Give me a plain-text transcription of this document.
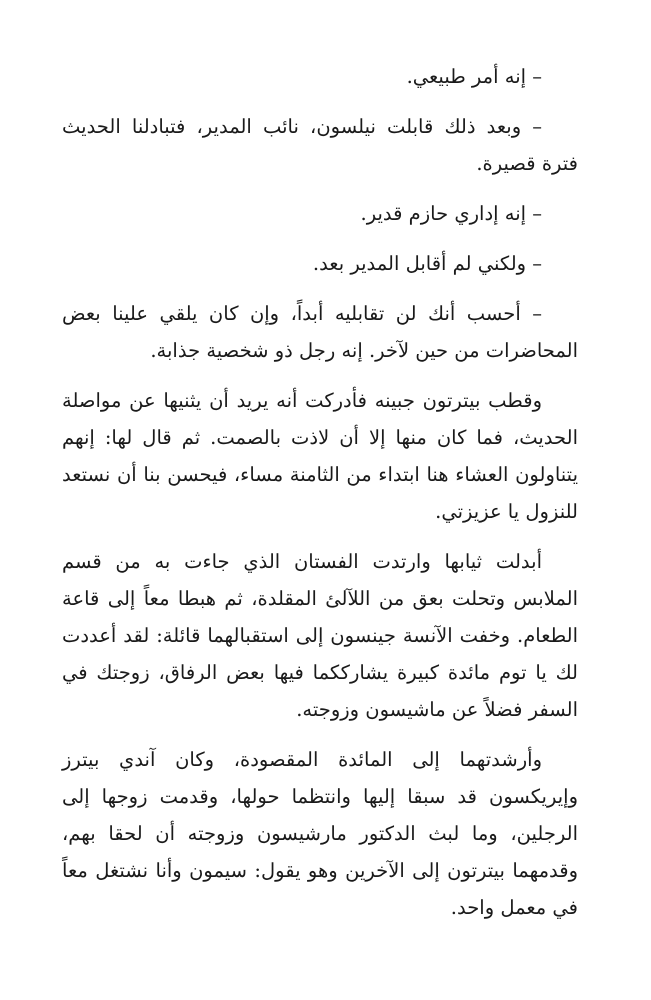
– إنه أمر طبيعي.

– وبعد ذلك قابلت نيلسون، نائب المدير، فتبادلنا الحديث فترة قصيرة.

– إنه إداري حازم قدير.

– ولكني لم أقابل المدير بعد.

– أحسب أنك لن تقابليه أبداً، وإن كان يلقي علينا بعض المحاضرات من حين لآخر. إنه رجل ذو شخصية جذابة.

وقطب بيترتون جبينه فأدركت أنه يريد أن يثنيها عن مواصلة الحديث، فما كان منها إلا أن لاذت بالصمت. ثم قال لها: إنهم يتناولون العشاء هنا ابتداء من الثامنة مساء، فيحسن بنا أن نستعد للنزول يا عزيزتي.

أبدلت ثيابها وارتدت الفستان الذي جاءت به من قسم الملابس وتحلت بعق من اللآلئ المقلدة، ثم هبطا معاً إلى قاعة الطعام. وخفت الآنسة جينسون إلى استقبالهما قائلة: لقد أعددت لك يا توم مائدة كبيرة يشارككما فيها بعض الرفاق، زوجتك في السفر فضلاً عن ماشيسون وزوجته.

وأرشدتهما إلى المائدة المقصودة، وكان آندي بيترز وإيريكسون قد سبقا إليها وانتظما حولها، وقدمت زوجها إلى الرجلين، وما لبث الدكتور مارشيسون وزوجته أن لحقا بهم، وقدمهما بيترتون إلى الآخرين وهو يقول: سيمون وأنا نشتغل معاً في معمل واحد.
